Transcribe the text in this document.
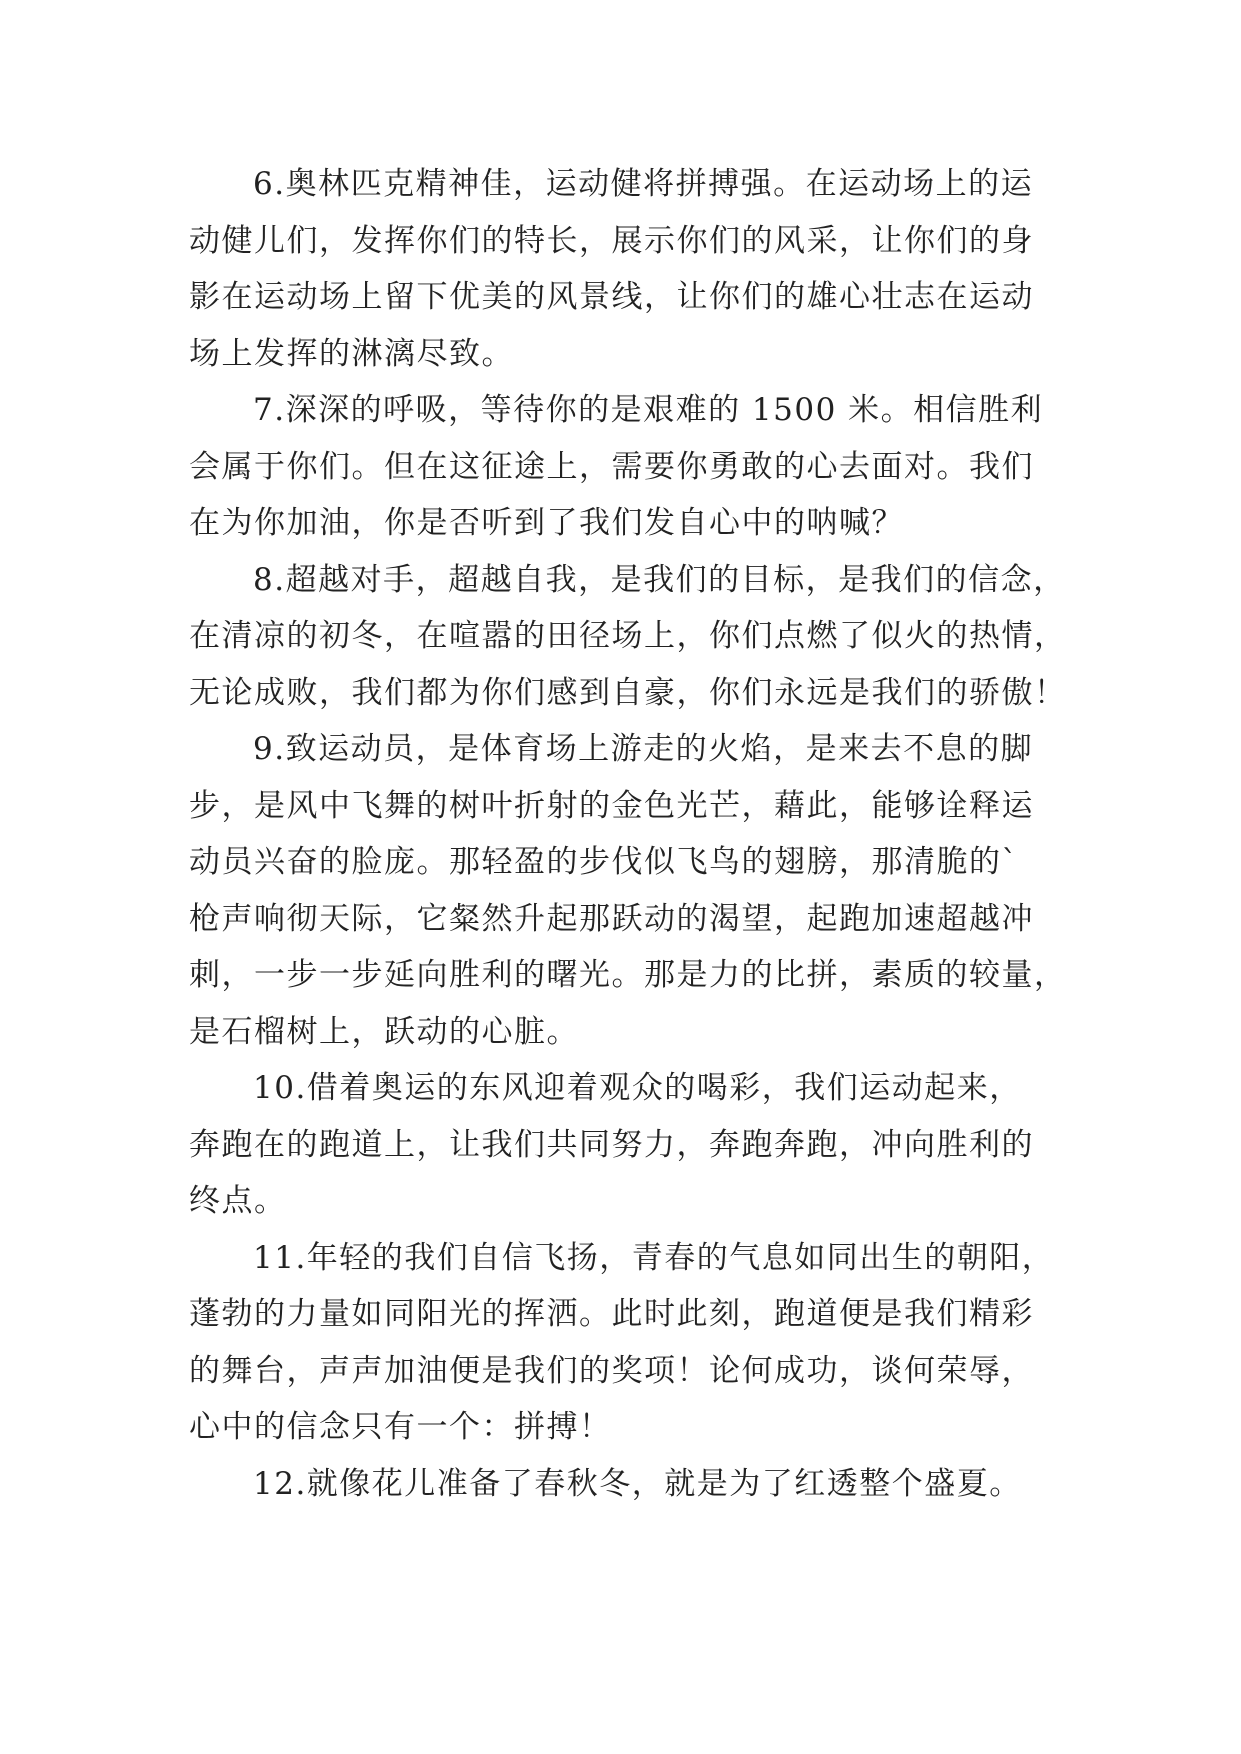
6.奥林匹克精神佳，运动健将拼搏强。在运动场上的运
动健儿们，发挥你们的特长，展示你们的风采，让你们的身
影在运动场上留下优美的风景线，让你们的雄心壮志在运动
场上发挥的淋漓尽致。
7.深深的呼吸，等待你的是艰难的 1500 米。相信胜利
会属于你们。但在这征途上，需要你勇敢的心去面对。我们
在为你加油，你是否听到了我们发自心中的呐喊？
8.超越对手，超越自我，是我们的目标，是我们的信念，
在清凉的初冬，在喧嚣的田径场上，你们点燃了似火的热情，
无论成败，我们都为你们感到自豪，你们永远是我们的骄傲！
9.致运动员，是体育场上游走的火焰，是来去不息的脚
步，是风中飞舞的树叶折射的金色光芒，藉此，能够诠释运
动员兴奋的脸庞。那轻盈的步伐似飞鸟的翅膀，那清脆的`
枪声响彻天际，它粲然升起那跃动的渴望，起跑加速超越冲
刺，一步一步延向胜利的曙光。那是力的比拼，素质的较量，
是石榴树上，跃动的心脏。
10.借着奥运的东风迎着观众的喝彩，我们运动起来，
奔跑在的跑道上，让我们共同努力，奔跑奔跑，冲向胜利的
终点。
11.年轻的我们自信飞扬，青春的气息如同出生的朝阳，
蓬勃的力量如同阳光的挥洒。此时此刻，跑道便是我们精彩
的舞台，声声加油便是我们的奖项！论何成功，谈何荣辱，
心中的信念只有一个：拼搏！
12.就像花儿准备了春秋冬，就是为了红透整个盛夏。
